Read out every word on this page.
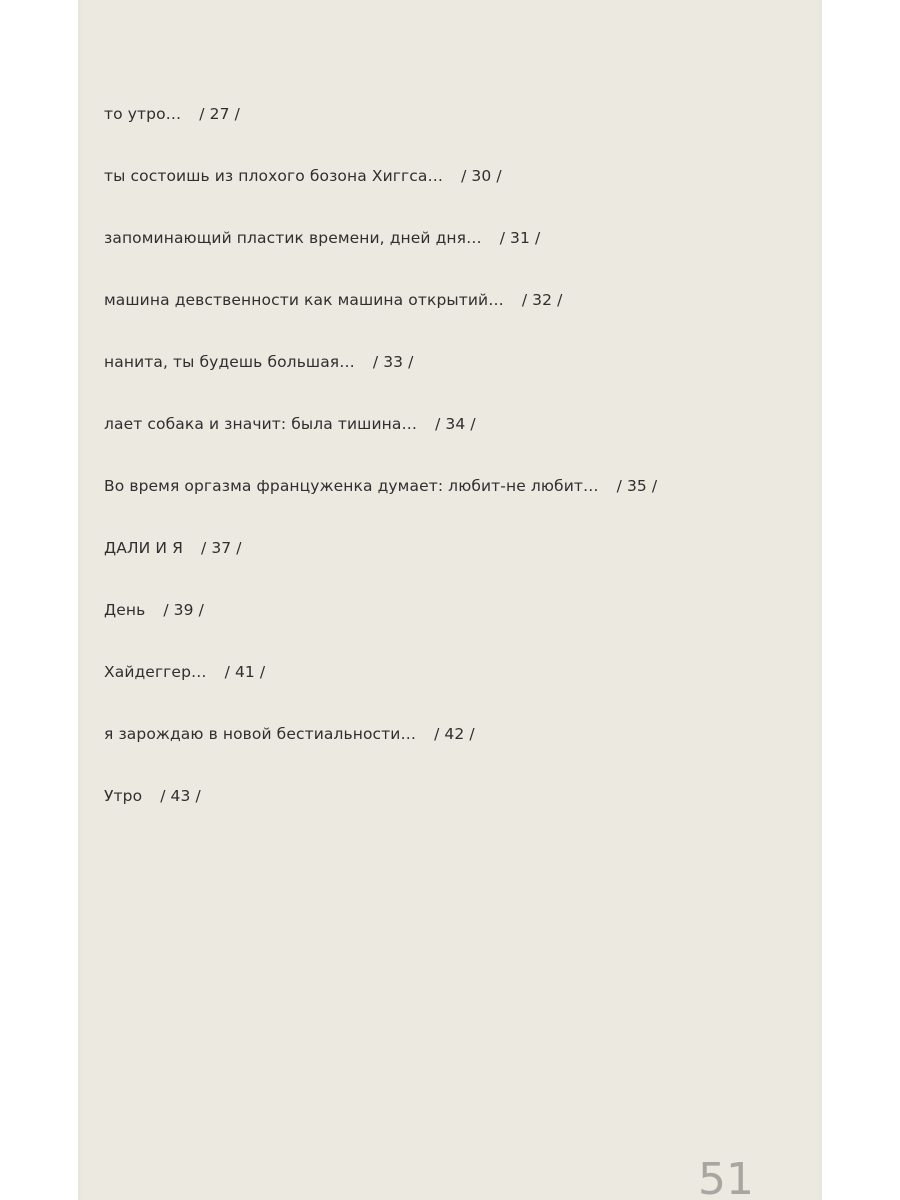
то утро… / 27 /
ты состоишь из плохого бозона Хиггса… / 30 /
запоминающий пластик времени, дней дня… / 31 /
машина девственности как машина открытий… / 32 /
нанита, ты будешь большая… / 33 /
лает собака и значит: была тишина… / 34 /
Во время оргазма француженка думает: любит-не любит… / 35 /
ДАЛИ И Я / 37 /
День / 39 /
Хайдеггер… / 41 /
я зарождаю в новой бестиальности… / 42 /
Утро / 43 /
51
